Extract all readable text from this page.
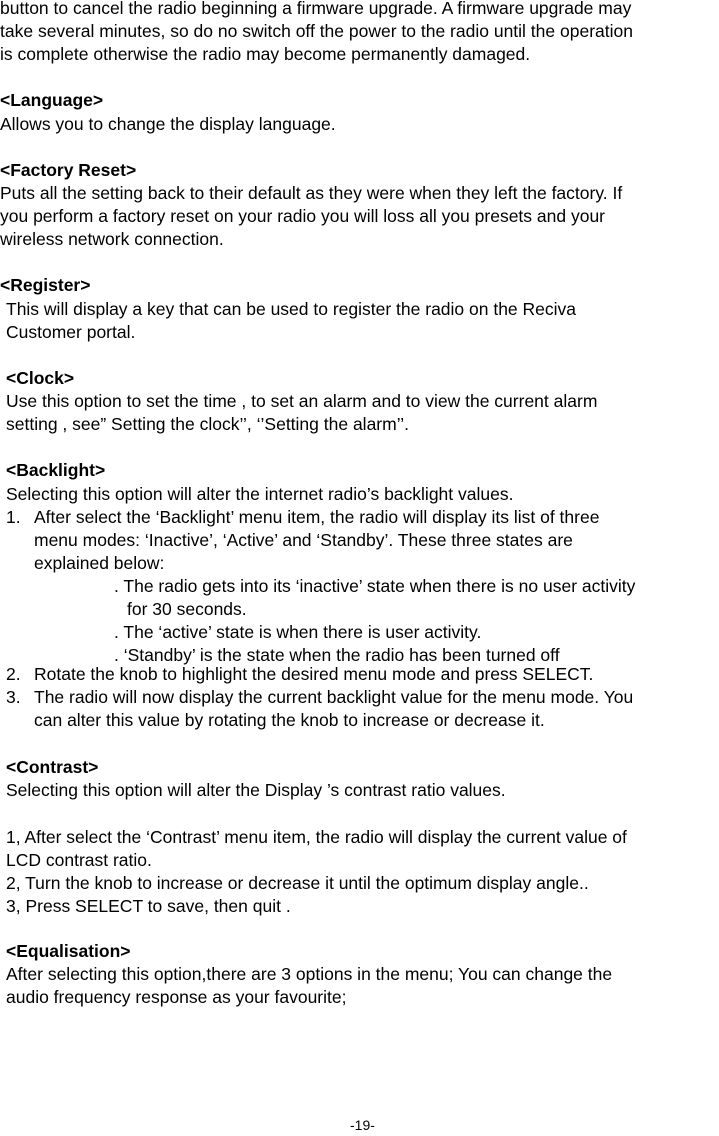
button to cancel the radio beginning a firmware upgrade. A firmware upgrade may
take several minutes, so do no switch off the power to the radio until the operation
is complete otherwise the radio may become permanently damaged.
<Language>
Allows you to change the display language.
<Factory Reset>
Puts all the setting back to their default as they were when they left the factory. If
you perform a factory reset on your radio you will loss all you presets and your
wireless network connection.
<Register>
This will display a key that can be used to register the radio on the Reciva
Customer portal.
<Clock>
Use this option to set the time , to set an alarm and to view the current alarm
setting , see” Setting the clock’’, ‘’Setting the alarm’’.
<Backlight>
Selecting this option will alter the internet radio’s backlight values.
1. After select the ‘Backlight’ menu item, the radio will display its list of three
menu modes: ‘Inactive’, ‘Active’ and ‘Standby’. These three states are
explained below:
. The radio gets into its ‘inactive’ state when there is no user activity
for 30 seconds.
. The ‘active’ state is when there is user activity.
. ‘Standby’ is the state when the radio has been turned off
2. Rotate the knob to highlight the desired menu mode and press SELECT.
3. The radio will now display the current backlight value for the menu mode. You
can alter this value by rotating the knob to increase or decrease it.
<Contrast>
Selecting this option will alter the Display ’s contrast ratio values.
1, After select the ‘Contrast’ menu item, the radio will display the current value of
LCD contrast ratio.
2, Turn the knob to increase or decrease it until the optimum display angle..
3, Press SELECT to save, then quit .
<Equalisation>
After selecting this option,there are 3 options in the menu; You can change the
audio frequency response as your favourite;
-19-
